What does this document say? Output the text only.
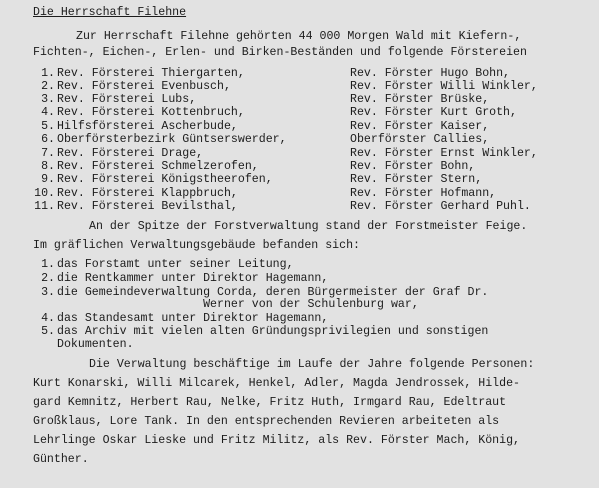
Die Herrschaft Filehne
Zur Herrschaft Filehne gehörten 44 000 Morgen Wald mit Kiefern-,
Fichten-, Eichen-, Erlen- und Birken-Beständen und folgende Förstereien
1. Rev. Försterei Thiergarten,	Rev. Förster Hugo Bohn,
2. Rev. Försterei Evenbusch,	Rev. Förster Willi Winkler,
3. Rev. Försterei Lubs,	Rev. Förster Brüske,
4. Rev. Försterei Kottenbruch,	Rev. Förster Kurt Groth,
5. Hilfsförsterei Ascherbude,	Rev. Förster Kaiser,
6. Oberförsterbezirk Güntserswerder,	Oberförster Callies,
7. Rev. Försterei Drage,	Rev. Förster Ernst Winkler,
8. Rev. Försterei Schmelzerofen,	Rev. Förster Bohn,
9. Rev. Försterei Königstheerofen,	Rev. Förster Stern,
10. Rev. Försterei Klappbruch,	Rev. Förster Hofmann,
11. Rev. Försterei Bevilsthal,	Rev. Förster Gerhard Puhl.
An der Spitze der Forstverwaltung stand der Forstmeister Feige.
Im gräflichen Verwaltungsgebäude befanden sich:
1. das Forstamt unter seiner Leitung,
2. die Rentkammer unter Direktor Hagemann,
3. die Gemeindeverwaltung Corda, deren Bürgermeister der Graf Dr.
Werner von der Schulenburg war,
4. das Standesamt unter Direktor Hagemann,
5. das Archiv mit vielen alten Gründungsprivilegien und sonstigen
Dokumenten.
Die Verwaltung beschäftige im Laufe der Jahre folgende Personen:
Kurt Konarski, Willi Milcarek, Henkel, Adler, Magda Jendrossek, Hilde-
gard Kemnitz, Herbert Rau, Nelke, Fritz Huth, Irmgard Rau, Edeltraut
Großklaus, Lore Tank. In den entsprechenden Revieren arbeiteten als
Lehrlinge Oskar Lieske und Fritz Militz, als Rev. Förster Mach, König,
Günther.
